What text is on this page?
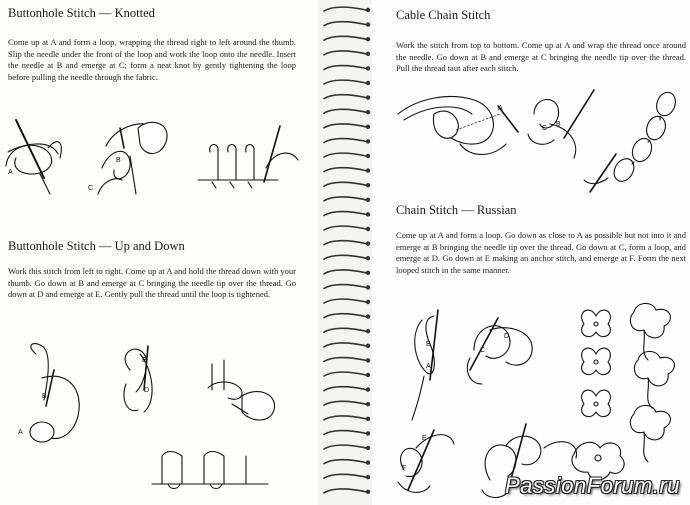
Buttonhole Stitch — Knotted

Come up at A and form a loop, wrapping the thread right to left around the thumb. Slip the needle under the front of the loop and work the loop onto the needle. Insert the needle at B and emerge at C; form a neat knot by gently tightening the loop before pulling the needle through the fabric.

A
B
C
Buttonhole Stitch — Up and Down

Work this stitch from left to right. Come up at A and hold the thread down with your thumb. Go down at B and emerge at C bringing the needle tip over the thread. Go down at D and emerge at E. Gently pull the thread until the loop is tightened.

B
A
E
D
Cable Chain Stitch

Work the stitch from top to bottom. Come up at A and wrap the thread once around the needle. Go down at B and emerge at C bringing the needle tip over the thread. Pull the thread taut after each stitch.

A
C
B
Chain Stitch — Russian

Come up at A and form a loop. Go down as close to A as possible but not into it and emerge at B bringing the needle tip over the thread. Go down at C, form a loop, and emerge at D. Go down at E making an anchor stitch, and emerge at F. Form the next looped stitch in the same manner.

B
A
C
D
E
F
PassionForum.ru
